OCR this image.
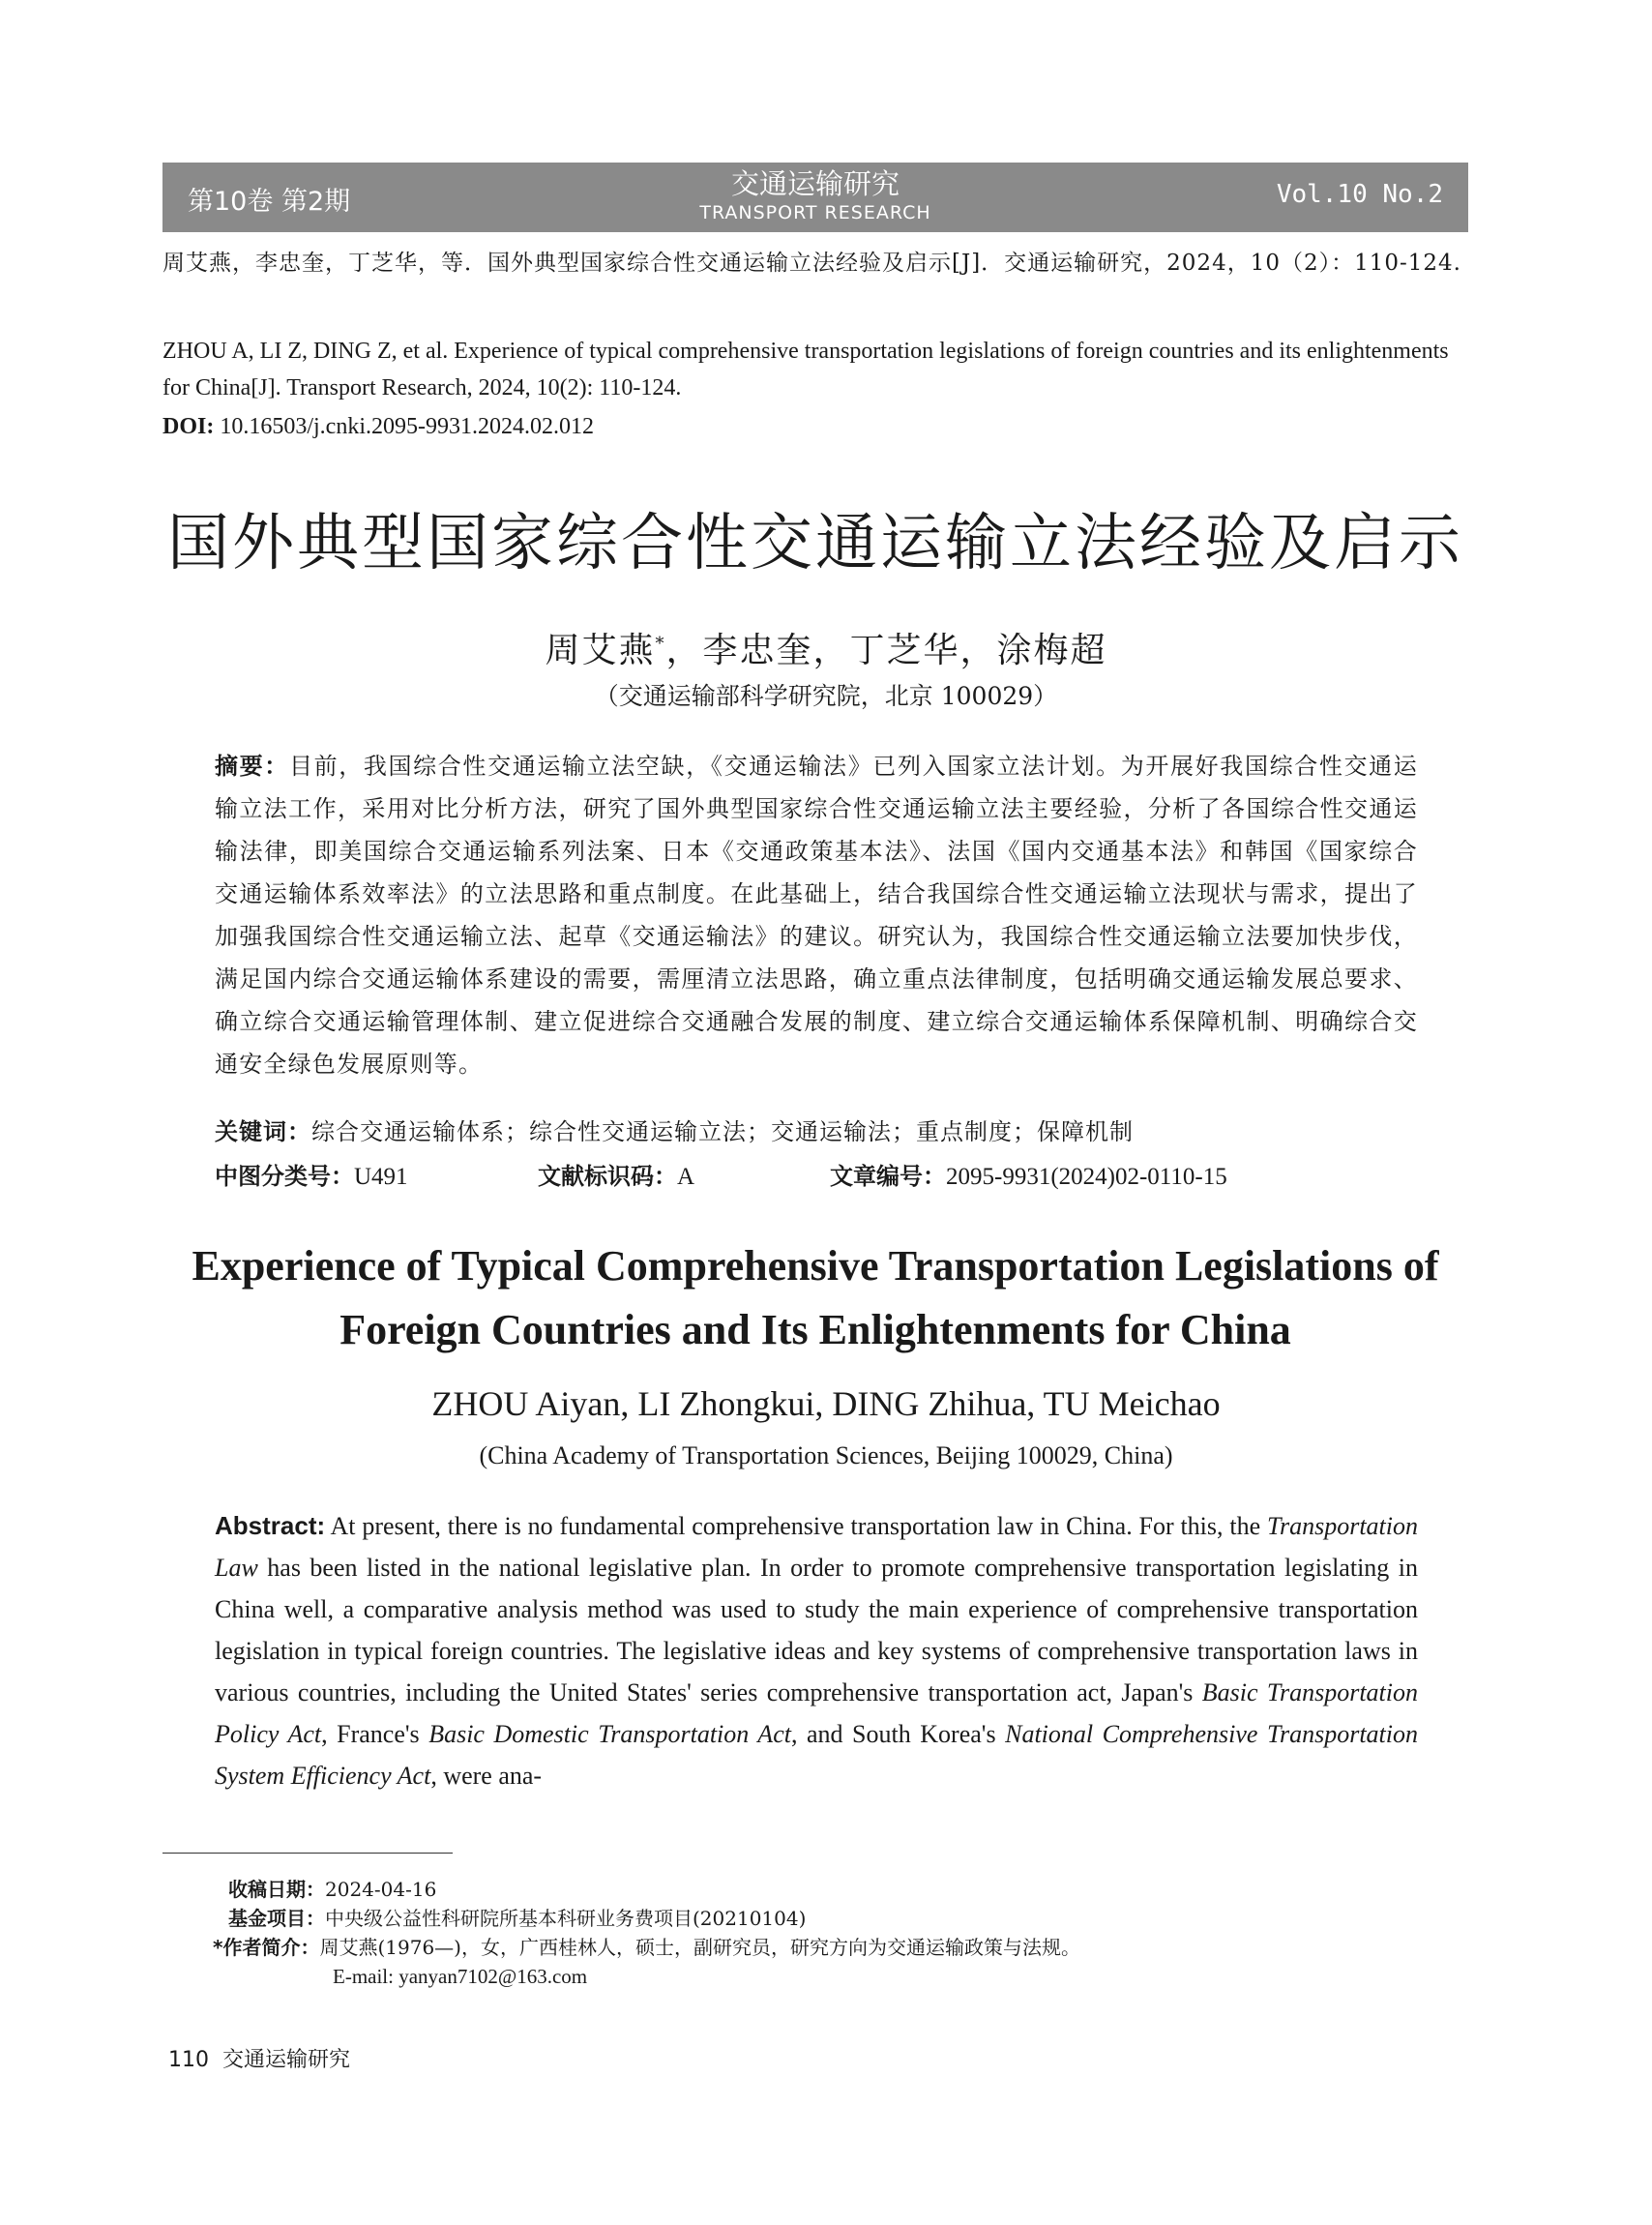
第10卷 第2期
交通运输研究
TRANSPORT RESEARCH
Vol.10 No.2
周艾燕，李忠奎，丁芝华，等．国外典型国家综合性交通运输立法经验及启示[J]．交通运输研究，2024，10（2）：110-124.
ZHOU A, LI Z, DING Z, et al. Experience of typical comprehensive transportation legislations of foreign countries and its enlightenments for China[J]. Transport Research, 2024, 10(2): 110-124.
DOI: 10.16503/j.cnki.2095-9931.2024.02.012
国外典型国家综合性交通运输立法经验及启示
周艾燕*，李忠奎，丁芝华，涂梅超
（交通运输部科学研究院，北京 100029）
摘要：目前，我国综合性交通运输立法空缺，《交通运输法》已列入国家立法计划。为开展好我国综合性交通运输立法工作，采用对比分析方法，研究了国外典型国家综合性交通运输立法主要经验，分析了各国综合性交通运输法律，即美国综合交通运输系列法案、日本《交通政策基本法》、法国《国内交通基本法》和韩国《国家综合交通运输体系效率法》的立法思路和重点制度。在此基础上，结合我国综合性交通运输立法现状与需求，提出了加强我国综合性交通运输立法、起草《交通运输法》的建议。研究认为，我国综合性交通运输立法要加快步伐，满足国内综合交通运输体系建设的需要，需厘清立法思路，确立重点法律制度，包括明确交通运输发展总要求、确立综合交通运输管理体制、建立促进综合交通融合发展的制度、建立综合交通运输体系保障机制、明确综合交通安全绿色发展原则等。
关键词：综合交通运输体系；综合性交通运输立法；交通运输法；重点制度；保障机制
中图分类号：U491	文献标识码：A	文章编号：2095-9931(2024)02-0110-15
Experience of Typical Comprehensive Transportation Legislations of
Foreign Countries and Its Enlightenments for China
ZHOU Aiyan, LI Zhongkui, DING Zhihua, TU Meichao
(China Academy of Transportation Sciences, Beijing 100029, China)
Abstract: At present, there is no fundamental comprehensive transportation law in China. For this, the Transportation Law has been listed in the national legislative plan. In order to promote comprehensive transportation legislating in China well, a comparative analysis method was used to study the main experience of comprehensive transportation legislation in typical foreign countries. The legislative ideas and key systems of comprehensive transportation laws in various countries, including the United States' series comprehensive transportation act, Japan's Basic Transportation Policy Act, France's Basic Domestic Transportation Act, and South Korea's National Comprehensive Transportation System Efficiency Act, were ana-
收稿日期：2024-04-16
基金项目：中央级公益性科研院所基本科研业务费项目(20210104)
*作者简介：周艾燕(1976—)，女，广西桂林人，硕士，副研究员，研究方向为交通运输政策与法规。
E-mail: yanyan7102@163.com
110 交通运输研究
